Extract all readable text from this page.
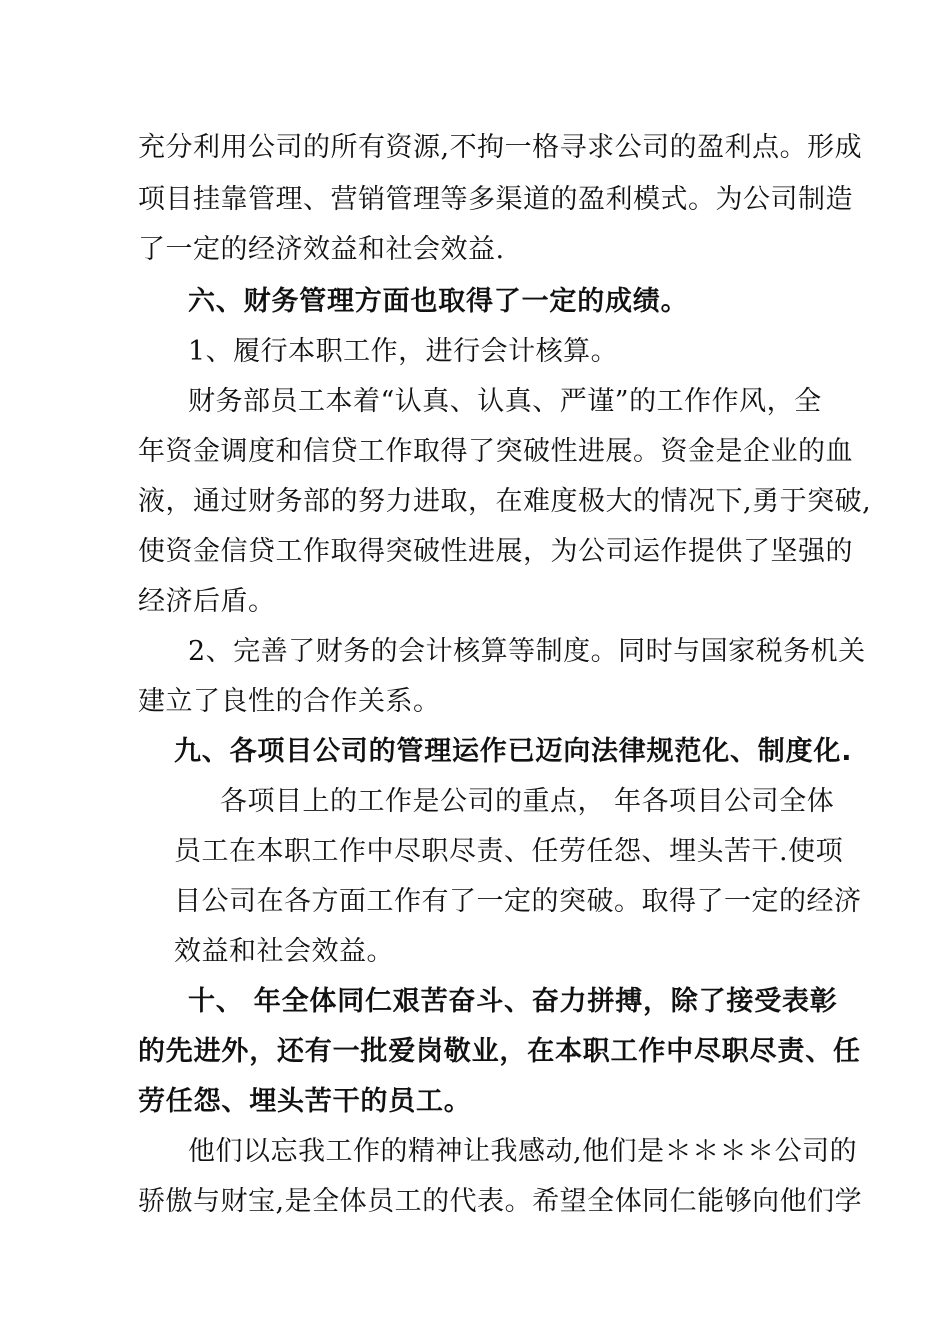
充分利用公司的所有资源,不拘一格寻求公司的盈利点。形成
项目挂靠管理、营销管理等多渠道的盈利模式。为公司制造
了一定的经济效益和社会效益.
六、财务管理方面也取得了一定的成绩。
1、履行本职工作，进行会计核算。
财务部员工本着“认真、认真、严谨”的工作作风，全
年资金调度和信贷工作取得了突破性进展。资金是企业的血
液，通过财务部的努力进取，在难度极大的情况下,勇于突破,
使资金信贷工作取得突破性进展，为公司运作提供了坚强的
经济后盾。
2、完善了财务的会计核算等制度。同时与国家税务机关
建立了良性的合作关系。
九、各项目公司的管理运作已迈向法律规范化、制度化.
各项目上的工作是公司的重点， 年各项目公司全体
员工在本职工作中尽职尽责、任劳任怨、埋头苦干.使项
目公司在各方面工作有了一定的突破。取得了一定的经济
效益和社会效益。
十、 年全体同仁艰苦奋斗、奋力拼搏，除了接受表彰
的先进外，还有一批爱岗敬业，在本职工作中尽职尽责、任
劳任怨、埋头苦干的员工。
他们以忘我工作的精神让我感动,他们是＊＊＊＊公司的
骄傲与财宝,是全体员工的代表。希望全体同仁能够向他们学
